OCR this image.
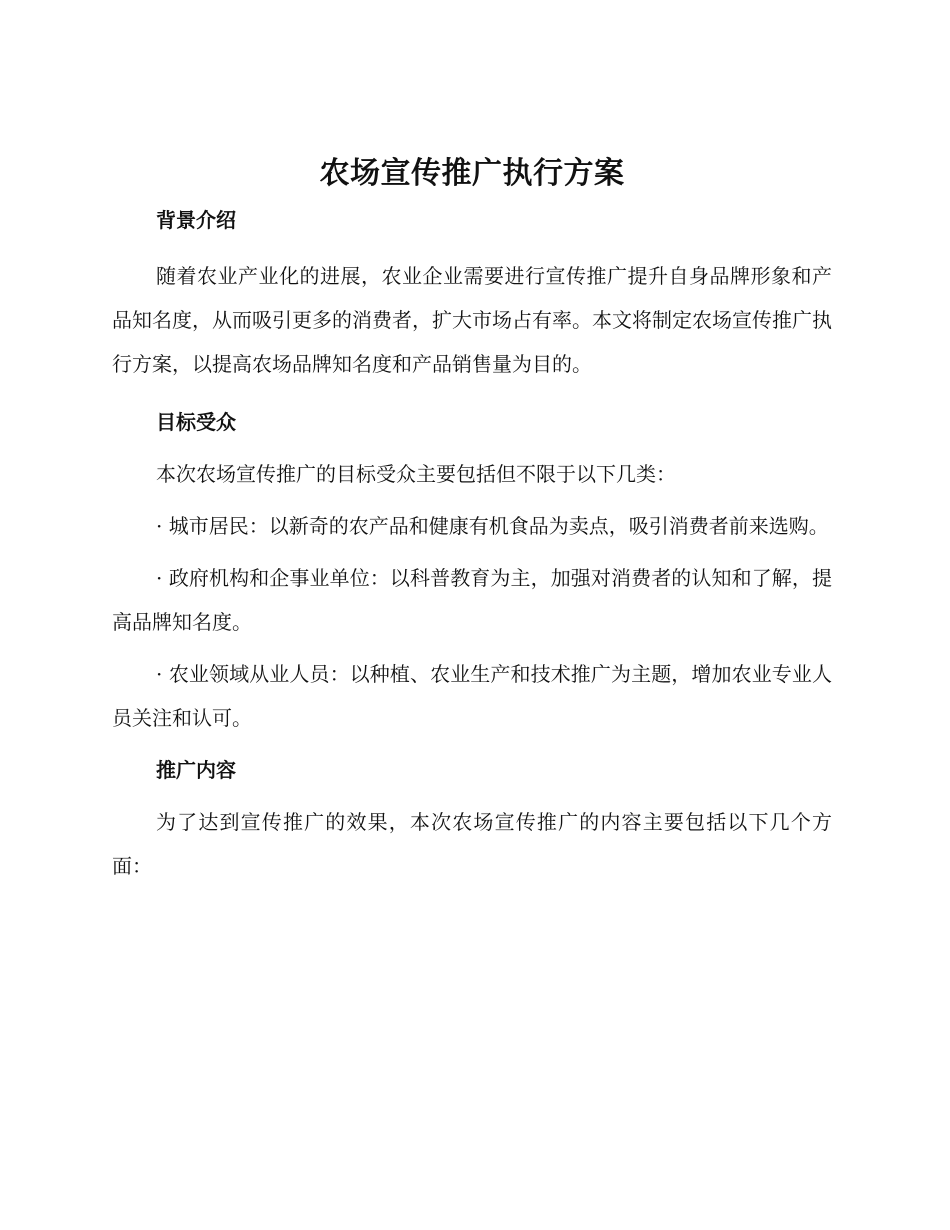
农场宣传推广执行方案
背景介绍

随着农业产业化的进展，农业企业需要进行宣传推广提升自身品牌形象和产品知名度，从而吸引更多的消费者，扩大市场占有率。本文将制定农场宣传推广执行方案，以提高农场品牌知名度和产品销售量为目的。

目标受众

本次农场宣传推广的目标受众主要包括但不限于以下几类：

· 城市居民：以新奇的农产品和健康有机食品为卖点，吸引消费者前来选购。

· 政府机构和企事业单位：以科普教育为主，加强对消费者的认知和了解，提高品牌知名度。

· 农业领域从业人员：以种植、农业生产和技术推广为主题，增加农业专业人员关注和认可。

推广内容

为了达到宣传推广的效果，本次农场宣传推广的内容主要包括以下几个方面：
